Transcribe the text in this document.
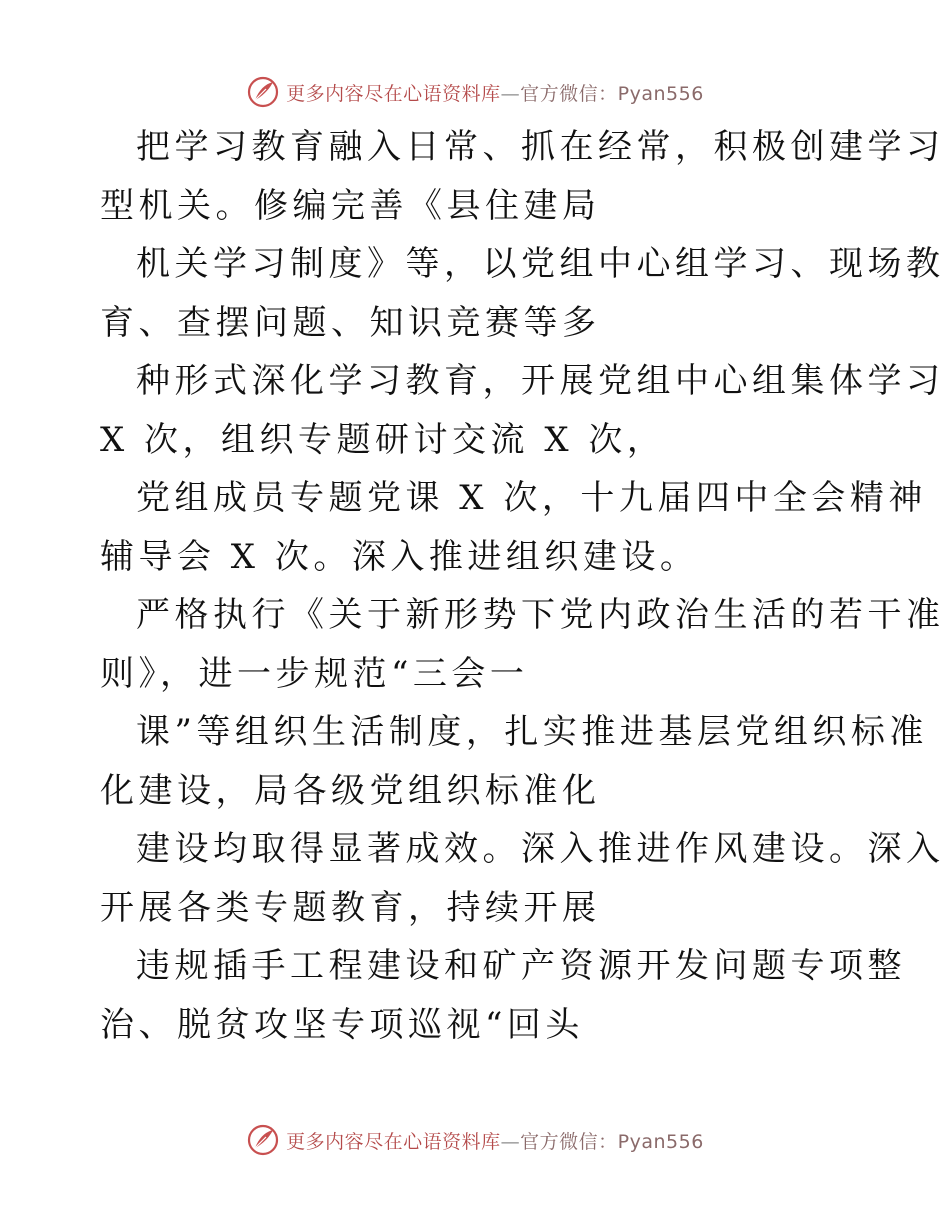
更多内容尽在心语资料库—官方微信：Pyan556
把学习教育融入日常、抓在经常，积极创建学习
型机关。修编完善《县住建局
机关学习制度》等，以党组中心组学习、现场教
育、查摆问题、知识竞赛等多
种形式深化学习教育，开展党组中心组集体学习
X 次，组织专题研讨交流 X 次，
党组成员专题党课 X 次，十九届四中全会精神
辅导会 X 次。深入推进组织建设。
严格执行《关于新形势下党内政治生活的若干准
则》，进一步规范“三会一
课”等组织生活制度，扎实推进基层党组织标准
化建设，局各级党组织标准化
建设均取得显著成效。深入推进作风建设。深入
开展各类专题教育，持续开展
违规插手工程建设和矿产资源开发问题专项整
治、脱贫攻坚专项巡视“回头
更多内容尽在心语资料库—官方微信：Pyan556
